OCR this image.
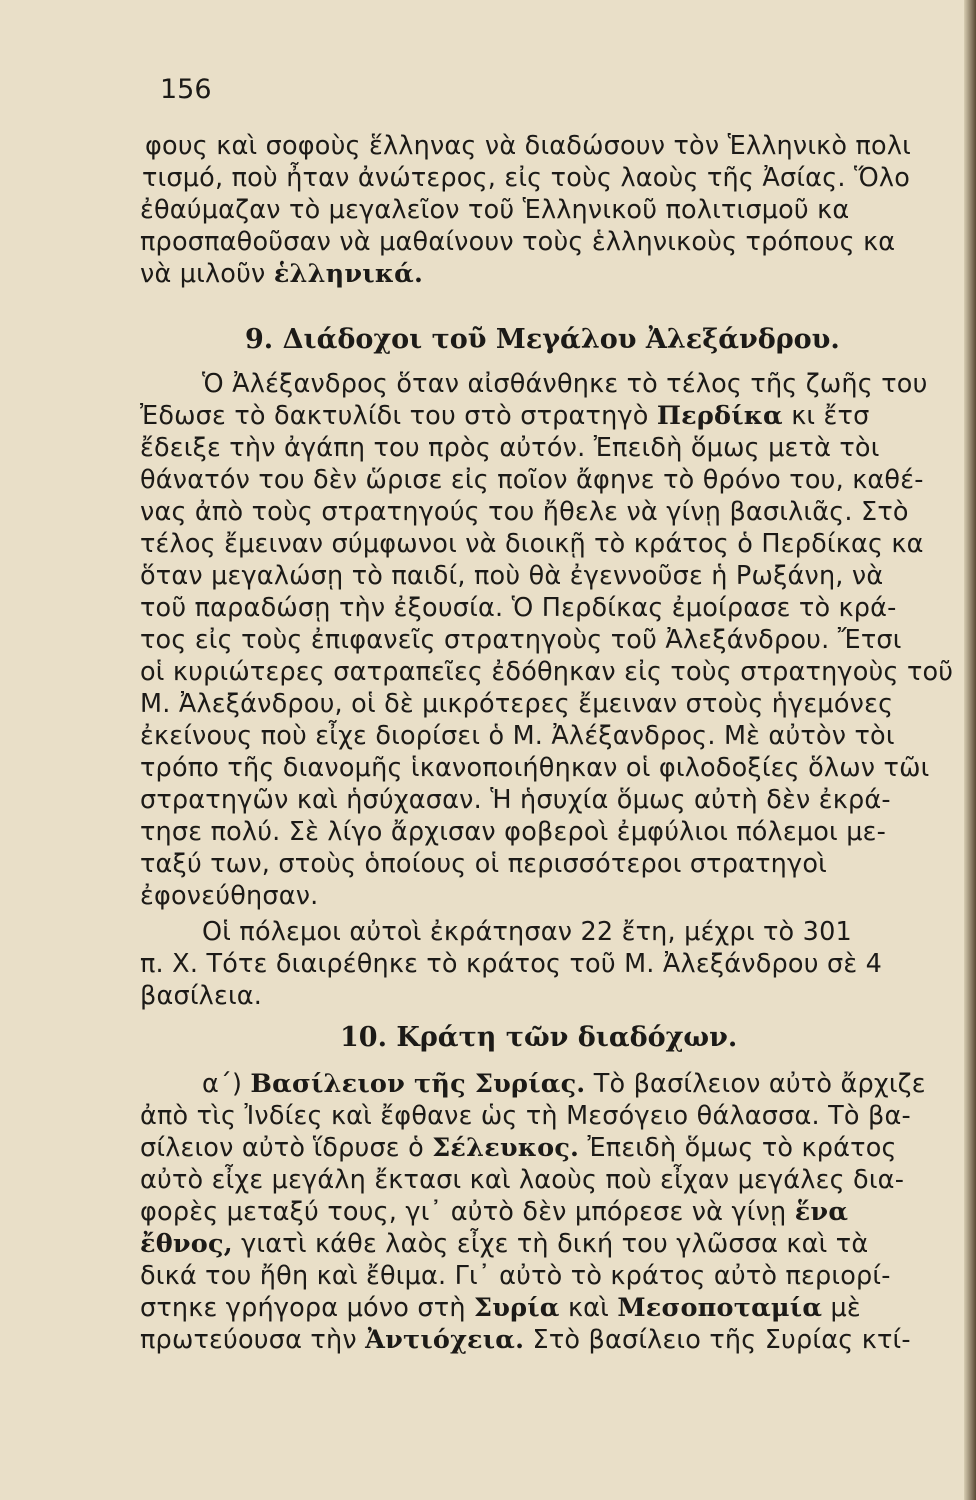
156
φους καὶ σοφοὺς ἕλληνας νὰ διαδώσουν τὸν Ἑλληνικὸ πολι
τισμό, ποὺ ἦταν ἀνώτερος, εἰς τοὺς λαοὺς τῆς Ἀσίας. Ὅλο
ἐθαύμαζαν τὸ μεγαλεῖον τοῦ Ἑλληνικοῦ πολιτισμοῦ κα
προσπαθοῦσαν νὰ μαθαίνουν τοὺς ἑλληνικοὺς τρόπους κα
νὰ μιλοῦν ἑλληνικά.
9. Διάδοχοι τοῦ Μεγάλου Ἀλεξάνδρου.
Ὁ Ἀλέξανδρος ὅταν αἰσθάνθηκε τὸ τέλος τῆς ζωῆς του
Ἐδωσε τὸ δακτυλίδι του στὸ στρατηγὸ Περδίκα κι ἔτσ
ἔδειξε τὴν ἀγάπη του πρὸς αὐτόν. Ἐπειδὴ ὅμως μετὰ τὸι
θάνατόν του δὲν ὥρισε εἰς ποῖον ἄφηνε τὸ θρόνο του, καθέ-
νας ἀπὸ τοὺς στρατηγούς του ἤθελε νὰ γίνῃ βασιλιᾶς. Στὸ
τέλος ἔμειναν σύμφωνοι νὰ διοικῇ τὸ κράτος ὁ Περδίκας κα
ὅταν μεγαλώσῃ τὸ παιδί, ποὺ θὰ ἐγεννοῦσε ἡ Ρωξάνη, νὰ
τοῦ παραδώσῃ τὴν ἐξουσία. Ὁ Περδίκας ἐμοίρασε τὸ κρά-
τος εἰς τοὺς ἐπιφανεῖς στρατηγοὺς τοῦ Ἀλεξάνδρου. Ἔτσι
οἱ κυριώτερες σατραπεῖες ἐδόθηκαν εἰς τοὺς στρατηγοὺς τοῦ
Μ. Ἀλεξάνδρου, οἱ δὲ μικρότερες ἔμειναν στοὺς ἡγεμόνες
ἐκείνους ποὺ εἶχε διορίσει ὁ Μ. Ἀλέξανδρος. Μὲ αὐτὸν τὸι
τρόπο τῆς διανομῆς ἱκανοποιήθηκαν οἱ φιλοδοξίες ὅλων τῶι
στρατηγῶν καὶ ἡσύχασαν. Ἡ ἡσυχία ὅμως αὐτὴ δὲν ἐκρά-
τησε πολύ. Σὲ λίγο ἄρχισαν φοβεροὶ ἐμφύλιοι πόλεμοι με-
ταξύ των, στοὺς ὁποίους οἱ περισσότεροι στρατηγοὶ
ἐφονεύθησαν.
Οἱ πόλεμοι αὐτοὶ ἐκράτησαν 22 ἔτη, μέχρι τὸ 301
π. Χ. Τότε διαιρέθηκε τὸ κράτος τοῦ Μ. Ἀλεξάνδρου σὲ 4
βασίλεια.
10. Κράτη τῶν διαδόχων.
α΄) Βασίλειον τῆς Συρίας. Τὸ βασίλειον αὐτὸ ἄρχιζε
ἀπὸ τὶς Ἰνδίες καὶ ἔφθανε ὡς τὴ Μεσόγειο θάλασσα. Τὸ βα-
σίλειον αὐτὸ ἵδρυσε ὁ Σέλευκος. Ἐπειδὴ ὅμως τὸ κράτος
αὐτὸ εἶχε μεγάλη ἔκτασι καὶ λαοὺς ποὺ εἶχαν μεγάλες δια-
φορὲς μεταξύ τους, γι᾽ αὐτὸ δὲν μπόρεσε νὰ γίνῃ ἕνα
ἔθνος, γιατὶ κάθε λαὸς εἶχε τὴ δική του γλῶσσα καὶ τὰ
δικά του ἤθη καὶ ἔθιμα. Γι᾽ αὐτὸ τὸ κράτος αὐτὸ περιορί-
στηκε γρήγορα μόνο στὴ Συρία καὶ Μεσοποταμία μὲ
πρωτεύουσα τὴν Ἀντιόχεια. Στὸ βασίλειο τῆς Συρίας κτί-
